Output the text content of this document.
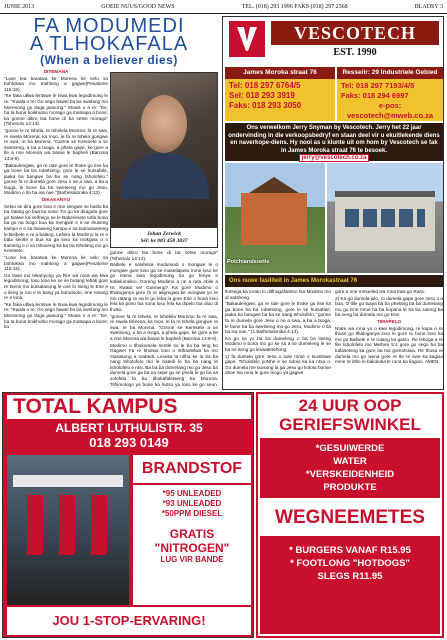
JUNIE 2013	GOEIE NUUS/GOOD NEWS	TEL. (018) 293 1996 FAKS (018) 297 2368	BLADSY 3
FA MODUMEDI
A TLHOKAFALA
(When a believer dies)
DITEMANA

"Lose lea baratwa ke Morena ke selo sa bohlokwa mo mahlong a gagwe(Pesalome 116:15).

"Ke faka utlwa lentswe le tswa kwa legodimong le re: "Kwala o re: Go sego bawel ba ba swelang mo Morenong go tloga jaanong." Mowa o a re: "Ee, ba ta bona boikhutso morago ga matsapa a bone; ka gonne ditiro tsa bone di ba setse morago"(Tshenolo 14:13).

"gonne le re tshela, re tshelela Morena; fa re swa, re swela Morena; ka moo, le fa re tshela gongwe re swa, re ba Morena. "Gonne se Keresete a se swetseng, a ba a tsoga, a phela gape, ke gore a tle a nne Morena wa baswi le bapheli (Baroma 14:8-9).

"Bakaulengwe, ga re rate gore le thoke go itse ka ga bone ba ba robetseng, gore le se hutsafale, jaaka ba bangwe ba ba se nang tsholofelo." gonne fa re dumela gore Jesu o ne a swa, a ba a tsoga, le bone ba ba swetseng mo go Jesu, Modimo o tla ba isa nae."(Bathesalonika 4:13)

DIKAKANYO

Setso se dira gore loso e nne sengwe se baitlo ba ba ratang go bua ka sone. Fa go ka diragala gore go tsalwe ka selfnego se le Bakeresete totla bona ba go na tsogo bua ka mengwe e e se thuseng kampo e e sa itsaweng kampo e sa tsamaisaneng le Beibele e re a balang. Lefoko la Modimo la re e bala sentle e bua ka ga loso ka mokgwa o o tlameng o o sa tshoseng ka ba ba tshelang mo go Keresete.

"Lose lea baratwa ke Morena ke selo sa bohlokwa mo mahlong a gagwe(Pesalome 116:15).

Go tswa mo lekanyong ya Rre wa rona wa kwa legodimong, loso lone ke se se butang lebati gore re tsene mo botsalanong le one lo iseng le Ene e o ileng ju roo e le bang ya bohutsoto, ene ntsang re e lona.

"Ke faka utlwa lentswe le tswa kwa legodimong le re: "Kwala o re: Go sego bawel ba ba swelang mo Morenong go tloga jaanong." Mowa o a re: "Ee, ba ta bona boikhutso morago ga matsapa a bone; ka

Johan Zerwick
Sêl: ke 083 458 3837

gonne ditiro tsa bone di ba setse morago" (Tshenolo 14:13).

Baibele e solofetsa modumedi o mongwe le o mongwe gore loso ga se masetlapelo mme loso ke go tsena kwa legodimong ka go fenya e kabelumeleo. Goreng Modimo a ne a rata ebile a re: Kwala se! Gonneng? Ka gore Modimo o tlhaloganya gore fa re ailgregwa ke mongwe yo re mo ratang re na le go leba la gore Ene o bona loso fela ka pono tsa sona loso fela ka dipelo tsa diuo di thoko.

"gonne fa re tshela, re tshelela Morena; fa re swa, re swela Morena; ka moo, le fa re tshela gongwe re swa, re ba Morena. "Gonne se Keresete a se swetseng, a ba a tsoga, a phela gape, ke gore a tle a nne Morena wa baswi le bapheli (Baroma 14:8-9).

Modimo o tlhokomela sentle so le ba ba leng bo Gagwe! Fa re kholwa loso o ntlhaolelwa ka mo masakong a mabedi: Leseka la ntlha ke la ba ba nang tsholofelo mo le batedi le ba ba nang le tsholofelo e ntsi. Ba ba ba dumelang mo go Jesu ba dumela gore ga ba na sepe go se phela le go ba sa solofala fa ba ithokafaletseng ka Morena. Tshimologo ya bone ka hutso ya loso ke go seun,

VESCOTECH
EST. 1990
James Moroka straat 76	Resseiir: 29 Industriele Gebied
Tel: 018 297 6764/5
Sel: 018 293 3919
Faks: 018 293 3050
Tel: 018 297 7193/4/5
Faks: 018 294 6997
e-pos:
vescotech@mweb.co.za
Ons verwelkom Jerry Snyman by Vescotech. Jerry het 22 jaar ondervinding in die verkoopsbedryf en staan deel vir u ekuitlekende diens en naverkope-diens. Hy nooi as u klunte uit om hom by Vescotech se tak in James Moroka straat 76 te besoek.
jerry@vescotech.co.za
Potchlandsuetie
Ons nuwe fasiliteit in James Morokastraat 76

tlotsega ka lorato lo ditlhogafalotso tsa Modimo mo di satsheng.

"Bakaulengwe, ga re rate gore le thoke go itse ka ga bone ba ba robetseng, gore le se hutsafale, jaaka ba bangwe ba ba se nang tsholofelo; “gonne fa re dumela gore Jesu o ne a swa, a ba a tsoga, le bone ba ba swetseng mo go Jesu, Modimo o tla ba isa nae." (1 Bathesalonika 4:13).

Ka go sa yo ba ba dumeleng o ba ba itseng Modimo e bona mo go ke sa a se dumeleng le se ba ne iteng go leswatetehong:

1) fa dumela gore Jesu o sule mme o tsositswe gape. Tsholofelo yoNhe e se ndolo ka ka ntsa o. Go dumela me tsosong la ga Jesu go kolota bonne ditoe tsa rona le gore tsogo ya gagwe

gore a nne mmueled wa rona kwa go Rara.

2) Ka go dumela jalo, ro dumela gape gore Jesu o a boa. O tlile go tsaya ba ba phelang ba ba dumelang mo go Ene mme ba ba kopana le ba ba suleng ba ba neng ba dumela mo go Ene.

TIMAPELO

Ntate wa rona yo o kwa legodimong, re kopa o re thuse go tlhaloganya loso le gore re bone loso ka mo go Beibele e re rutang ka gaGo. Re leboga a re file tsholofelo mo Methen 5:4 gore go sego ba ba tutlasetsng ka gore ba tsa gomotsiwa. Re thusa re dumela mo go wena gore re tle re swe ka kagiso mme re itlhe le bakoloka le rona ka kagiso. AMEN.

TOTAL KAMPUS
ALBERT LUTHULISTR. 35
018 293 0149
BRANDSTOF
*95 UNLEADED
*93 UNLEADED
*50PPM DIESEL
GRATIS
"NITROGEN"
LUG VIR BANDE
JOU 1-STOP-ERVARING!
24 UUR OOP
GERIEFSWINKEL
*GESUIWERDE
WATER
*VERSKEIDENHEID
PRODUKTE
WEGNEEMETES
* BURGERS VANAF R15.95
* FOOTLONG "HOTDOGS"
SLEGS R11.95
